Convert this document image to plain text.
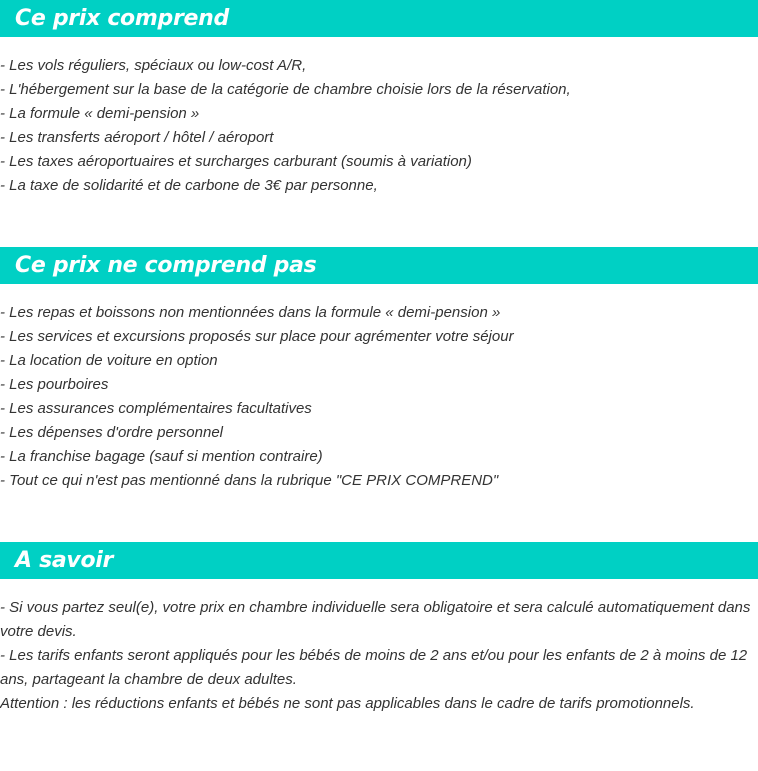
Ce prix comprend
- Les vols réguliers, spéciaux ou low-cost A/R,
- L'hébergement sur la base de la catégorie de chambre choisie lors de la réservation,
- La formule « demi-pension »
- Les transferts aéroport / hôtel / aéroport
- Les taxes aéroportuaires et surcharges carburant (soumis à variation)
- La taxe de solidarité et de carbone de 3€ par personne,
Ce prix ne comprend pas
- Les repas et boissons non mentionnées dans la formule « demi-pension »
- Les services et excursions proposés sur place pour agrémenter votre séjour
- La location de voiture en option
- Les pourboires
- Les assurances complémentaires facultatives
- Les dépenses d'ordre personnel
- La franchise bagage (sauf si mention contraire)
- Tout ce qui n'est pas mentionné dans la rubrique "CE PRIX COMPREND"
A savoir
- Si vous partez seul(e), votre prix en chambre individuelle sera obligatoire et sera calculé automatiquement dans votre devis.
- Les tarifs enfants seront appliqués pour les bébés de moins de 2 ans et/ou pour les enfants de 2 à moins de 12 ans, partageant la chambre de deux adultes.
Attention : les réductions enfants et bébés ne sont pas applicables dans le cadre de tarifs promotionnels.
